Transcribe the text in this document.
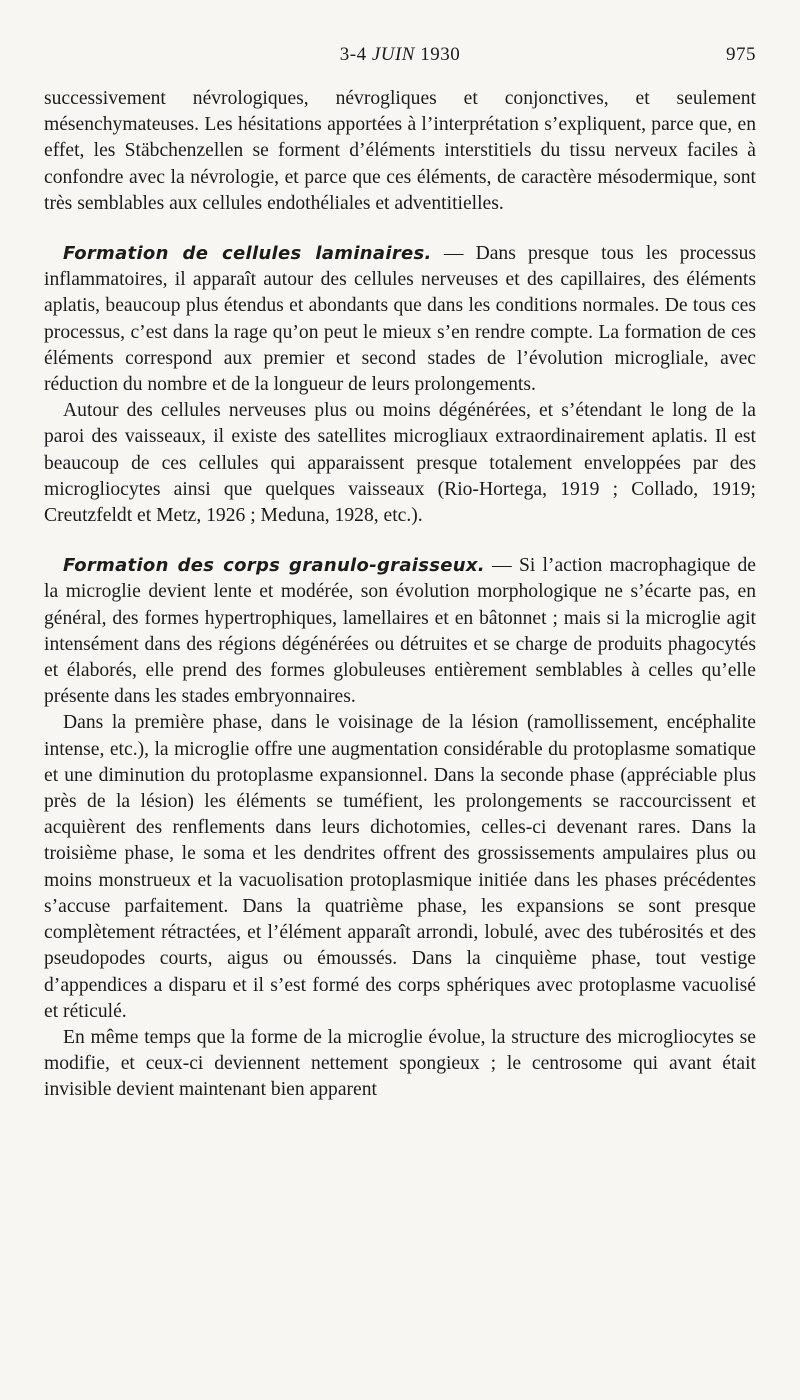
3-4 JUIN 1930	975

successivement névrologiques, névrogliques et conjonctives, et seulement mésenchymateuses. Les hésitations apportées à l’interprétation s’expliquent, parce que, en effet, les Stäbchenzellen se forment d’éléments interstitiels du tissu nerveux faciles à confondre avec la névrologie, et parce que ces éléments, de caractère mésodermique, sont très semblables aux cellules endothéliales et adventitielles.

Formation de cellules laminaires. — Dans presque tous les processus inflammatoires, il apparaît autour des cellules nerveuses et des capillaires, des éléments aplatis, beaucoup plus étendus et abondants que dans les conditions normales. De tous ces processus, c’est dans la rage qu’on peut le mieux s’en rendre compte. La formation de ces éléments correspond aux premier et second stades de l’évolution microgliale, avec réduction du nombre et de la longueur de leurs prolongements.

Autour des cellules nerveuses plus ou moins dégénérées, et s’étendant le long de la paroi des vaisseaux, il existe des satellites microgliaux extraordinairement aplatis. Il est beaucoup de ces cellules qui apparaissent presque totalement enveloppées par des microgliocytes ainsi que quelques vaisseaux (Rio-Hortega, 1919 ; Collado, 1919; Creutzfeldt et Metz, 1926 ; Meduna, 1928, etc.).

Formation des corps granulo-graisseux. — Si l’action macrophagique de la microglie devient lente et modérée, son évolution morphologique ne s’écarte pas, en général, des formes hypertrophiques, lamellaires et en bâtonnet ; mais si la microglie agit intensément dans des régions dégénérées ou détruites et se charge de produits phagocytés et élaborés, elle prend des formes globuleuses entièrement semblables à celles qu’elle présente dans les stades embryonnaires.

Dans la première phase, dans le voisinage de la lésion (ramollissement, encéphalite intense, etc.), la microglie offre une augmentation considérable du protoplasme somatique et une diminution du protoplasme expansionnel. Dans la seconde phase (appréciable plus près de la lésion) les éléments se tuméfient, les prolongements se raccourcissent et acquièrent des renflements dans leurs dichotomies, celles-ci devenant rares. Dans la troisième phase, le soma et les dendrites offrent des grossissements ampulaires plus ou moins monstrueux et la vacuolisation protoplasmique initiée dans les phases précédentes s’accuse parfaitement. Dans la quatrième phase, les expansions se sont presque complètement rétractées, et l’élément apparaît arrondi, lobulé, avec des tubérosités et des pseudopodes courts, aigus ou émoussés. Dans la cinquième phase, tout vestige d’appendices a disparu et il s’est formé des corps sphériques avec protoplasme vacuolisé et réticulé.

En même temps que la forme de la microglie évolue, la structure des microgliocytes se modifie, et ceux-ci deviennent nettement spongieux ; le centrosome qui avant était invisible devient maintenant bien apparent
